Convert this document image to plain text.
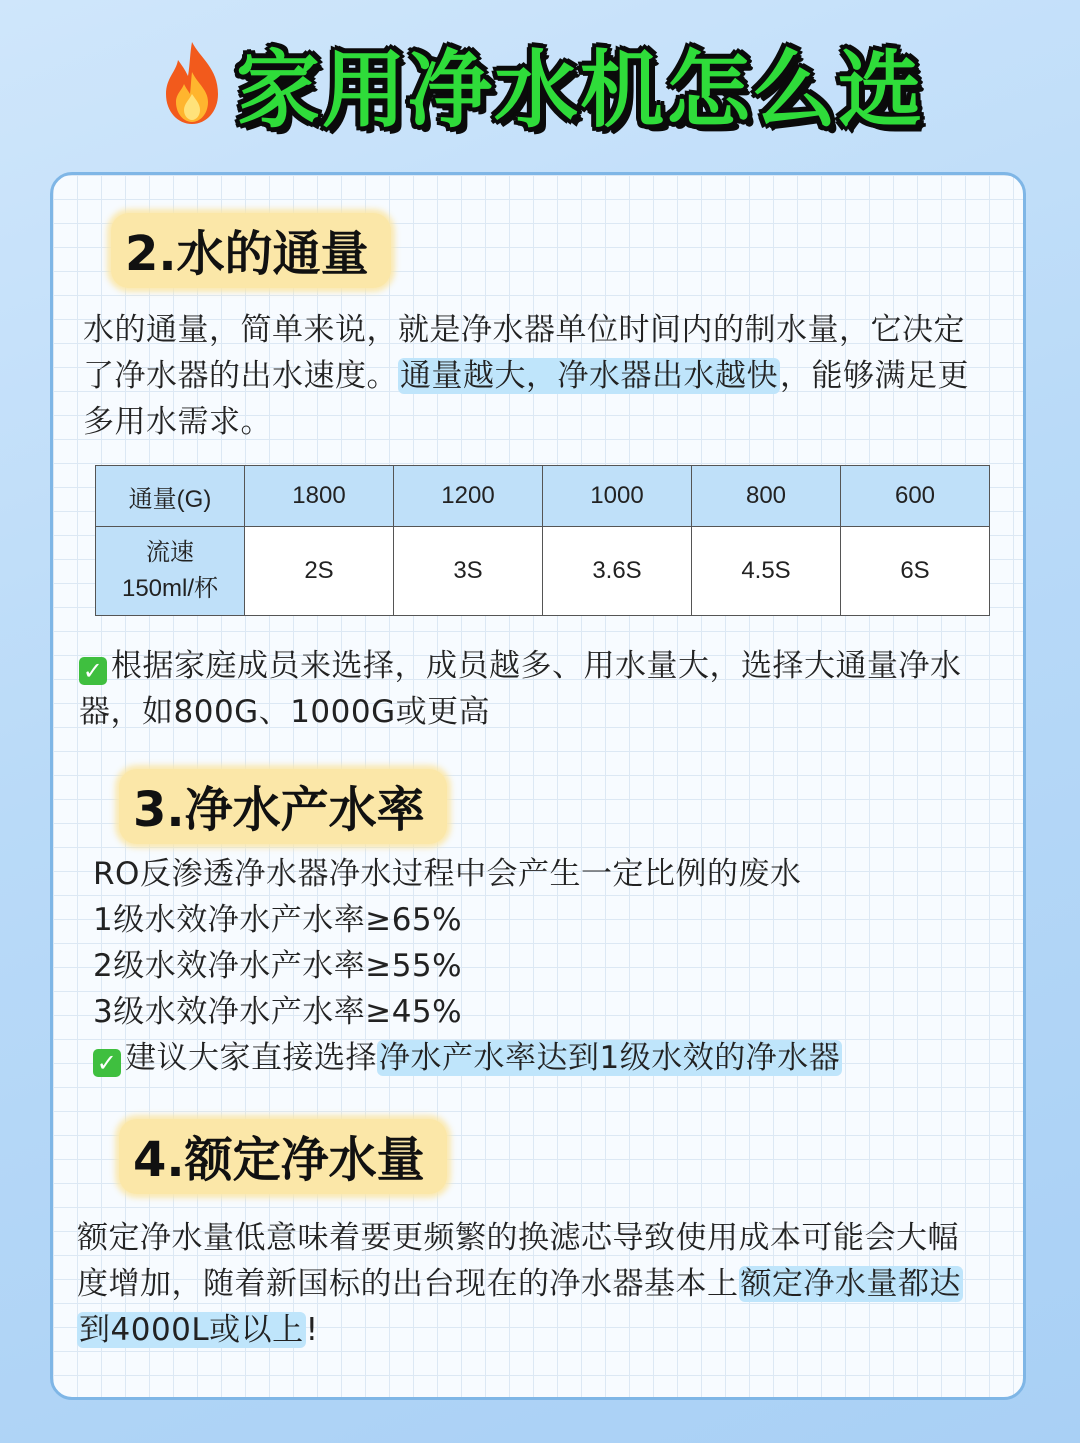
家用净水机怎么选
2.水的通量
水的通量，简单来说，就是净水器单位时间内的制水量，它决定
了净水器的出水速度。通量越大，净水器出水越快，能够满足更
多用水需求。
通量(G)	1800	1200	1000	800	600

流速
150ml/杯	2S	3S	3.6S	4.5S	6S
✓ 根据家庭成员来选择，成员越多、用水量大，选择大通量净水
器，如800G、1000G或更高
3.净水产水率
RO反渗透净水器净水过程中会产生一定比例的废水
1级水效净水产水率≥65%
2级水效净水产水率≥55%
3级水效净水产水率≥45%
✓ 建议大家直接选择净水产水率达到1级水效的净水器
4.额定净水量
额定净水量低意味着要更频繁的换滤芯导致使用成本可能会大幅
度增加，随着新国标的出台现在的净水器基本上额定净水量都达
到4000L或以上!
